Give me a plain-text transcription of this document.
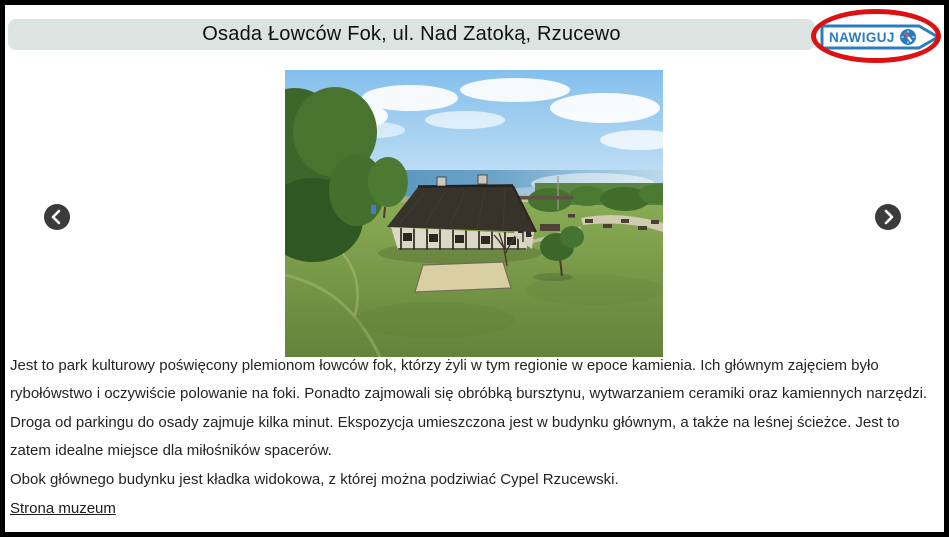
Osada Łowców Fok, ul. Nad Zatoką, Rzucewo	NAWIGUJ

Jest to park kulturowy poświęcony plemionom łowców fok, którzy żyli w tym regionie w epoce kamienia. Ich głównym zajęciem było rybołówstwo i oczywiście polowanie na foki. Ponadto zajmowali się obróbką bursztynu, wytwarzaniem ceramiki oraz kamiennych narzędzi.

Droga od parkingu do osady zajmuje kilka minut. Ekspozycja umieszczona jest w budynku głównym, a także na leśnej ścieżce. Jest to zatem idealne miejsce dla miłośników spacerów.

Obok głównego budynku jest kładka widokowa, z której można podziwiać Cypel Rzucewski.

Strona muzeum
